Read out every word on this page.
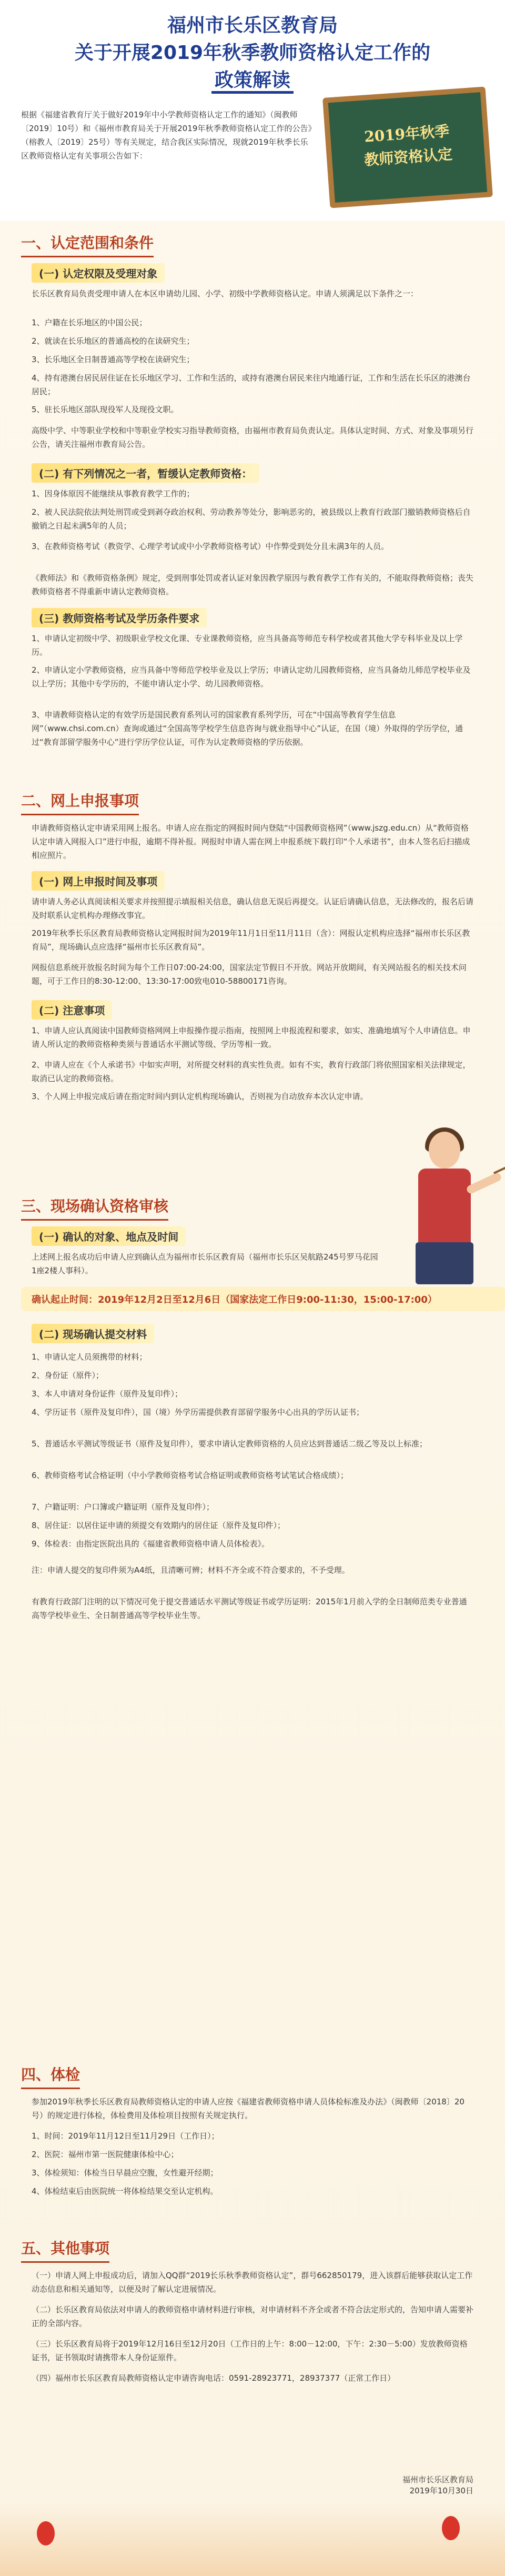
福州市长乐区教育局
关于开展2019年秋季教师资格认定工作的
政策解读
根据《福建省教育厅关于做好2019年中小学教师资格认定工作的通知》（闽教师〔2019〕10号）和《福州市教育局关于开展2019年秋季教师资格认定工作的公告》（榕教人〔2019〕25号）等有关规定，结合我区实际情况，现就2019年秋季长乐区教师资格认定有关事项公告如下：
2019年秋季
教师资格认定
一、认定范围和条件
(一) 认定权限及受理对象
长乐区教育局负责受理申请人在本区申请幼儿园、小学、初级中学教师资格认定。申请人须满足以下条件之一：
1、户籍在长乐地区的中国公民；
2、就读在长乐地区的普通高校的在读研究生；
3、长乐地区全日制普通高等学校在读研究生；
4、持有港澳台居民居住证在长乐地区学习、工作和生活的，或持有港澳台居民来往内地通行证，工作和生活在长乐区的港澳台居民；
5、驻长乐地区部队现役军人及现役文职。
高级中学、中等职业学校和中等职业学校实习指导教师资格，由福州市教育局负责认定。具体认定时间、方式、对象及事项另行公告，请关注福州市教育局公告。
(二) 有下列情况之一者，暂缓认定教师资格：
1、因身体原因不能继续从事教育教学工作的；
2、被人民法院依法判处刑罚或受到剥夺政治权利、劳动教养等处分，影响恶劣的，被县级以上教育行政部门撤销教师资格后自撤销之日起未满5年的人员；
3、在教师资格考试（教资学、心理学考试或中小学教师资格考试）中作弊受到处分且未满3年的人员。
《教师法》和《教师资格条例》规定，受到刑事处罚或者认证对象因教学原因与教育教学工作有关的，不能取得教师资格；丧失教师资格者不得重新申请认定教师资格。
(三) 教师资格考试及学历条件要求
1、申请认定初级中学、初级职业学校文化课、专业课教师资格，应当具备高等师范专科学校或者其他大学专科毕业及以上学历。
2、申请认定小学教师资格，应当具备中等师范学校毕业及以上学历；申请认定幼儿园教师资格，应当具备幼儿师范学校毕业及以上学历；其他中专学历的，不能申请认定小学、幼儿园教师资格。
3、申请教师资格认定的有效学历是国民教育系列认可的国家教育系列学历，可在“中国高等教育学生信息网”（www.chsi.com.cn）查询或通过“全国高等学校学生信息咨询与就业指导中心”认证，在国（境）外取得的学历学位，通过“教育部留学服务中心”进行学历学位认证，可作为认定教师资格的学历依据。
二、网上申报事项
申请教师资格认定申请采用网上报名。申请人应在指定的网报时间内登陆“中国教师资格网”（www.jszg.edu.cn）从“教师资格认定申请入网报入口”进行申报，逾期不得补报。网报时申请人需在网上申报系统下载打印“个人承诺书”，由本人签名后扫描成相应照片。
(一) 网上申报时间及事项
请申请人务必认真阅读相关要求并按照提示填报相关信息，确认信息无误后再提交。认证后请确认信息，无法修改的，报名后请及时联系认定机构办理修改事宜。
2019年秋季长乐区教育局教师资格认定网报时间为2019年11月1日至11月11日（含）：网报认定机构应选择“福州市长乐区教育局”，现场确认点应选择“福州市长乐区教育局”。
网报信息系统开放报名时间为每个工作日07:00-24:00，国家法定节假日不开放。网站开放期间，有关网站报名的相关技术问题，可于工作日的8:30-12:00、13:30-17:00致电010-58800171咨询。
(二) 注意事项
1、申请人应认真阅读中国教师资格网网上申报操作提示指南，按照网上申报流程和要求，如实、准确地填写个人申请信息。申请人所认定的教师资格种类须与普通话水平测试等级、学历等相一致。
2、申请人应在《个人承诺书》中如实声明，对所提交材料的真实性负责。如有不实，教育行政部门将依照国家相关法律规定，取消已认定的教师资格。
3、个人网上申报完成后请在指定时间内到认定机构现场确认，否则视为自动放弃本次认定申请。
三、现场确认资格审核
(一) 确认的对象、地点及时间
上述网上报名成功后申请人应到确认点为福州市长乐区教育局（福州市长乐区吴航路245号罗马花园1座2楼人事科）。
确认起止时间：2019年12月2日至12月6日（国家法定工作日9:00-11:30，15:00-17:00）
(二) 现场确认提交材料
1、申请认定人员须携带的材料；
2、身份证（原件）；
3、本人申请对身份证件（原件及复印件）；
4、学历证书（原件及复印件），国（境）外学历需提供教育部留学服务中心出具的学历认证书；
5、普通话水平测试等级证书（原件及复印件），要求申请认定教师资格的人员应达到普通话二级乙等及以上标准；
6、教师资格考试合格证明（中小学教师资格考试合格证明或教师资格考试笔试合格成绩）；
7、户籍证明：户口簿或户籍证明（原件及复印件）；
8、居住证：以居住证申请的须提交有效期内的居住证（原件及复印件）；
9、体检表：由指定医院出具的《福建省教师资格申请人员体检表》。
注：申请人提交的复印件须为A4纸，且清晰可辨；材料不齐全或不符合要求的，不予受理。
有教育行政部门注明的以下情况可免于提交普通话水平测试等级证书或学历证明：2015年1月前入学的全日制师范类专业普通高等学校毕业生、全日制普通高等学校毕业生等。
四、体检
参加2019年秋季长乐区教育局教师资格认定的申请人应按《福建省教师资格申请人员体检标准及办法》（闽教师〔2018〕20号）的规定进行体检，体检费用及体检项目按照有关规定执行。
1、时间：2019年11月12日至11月29日（工作日）；
2、医院：福州市第一医院健康体检中心；
3、体检须知：体检当日早晨应空腹，女性避开经期；
4、体检结束后由医院统一将体检结果交至认定机构。
五、其他事项
（一）申请人网上申报成功后，请加入QQ群“2019长乐秋季教师资格认定”，群号662850179，进入该群后能够获取认定工作动态信息和相关通知等，以便及时了解认定进展情况。
（二）长乐区教育局依法对申请人的教师资格申请材料进行审核，对申请材料不齐全或者不符合法定形式的，告知申请人需要补正的全部内容。
（三）长乐区教育局将于2019年12月16日至12月20日（工作日的上午：8:00－12:00，下午：2:30－5:00）发放教师资格证书，证书领取时请携带本人身份证原件。
（四）福州市长乐区教育局教师资格认定申请咨询电话：0591-28923771，28937377（正常工作日）
福州市长乐区教育局
2019年10月30日
